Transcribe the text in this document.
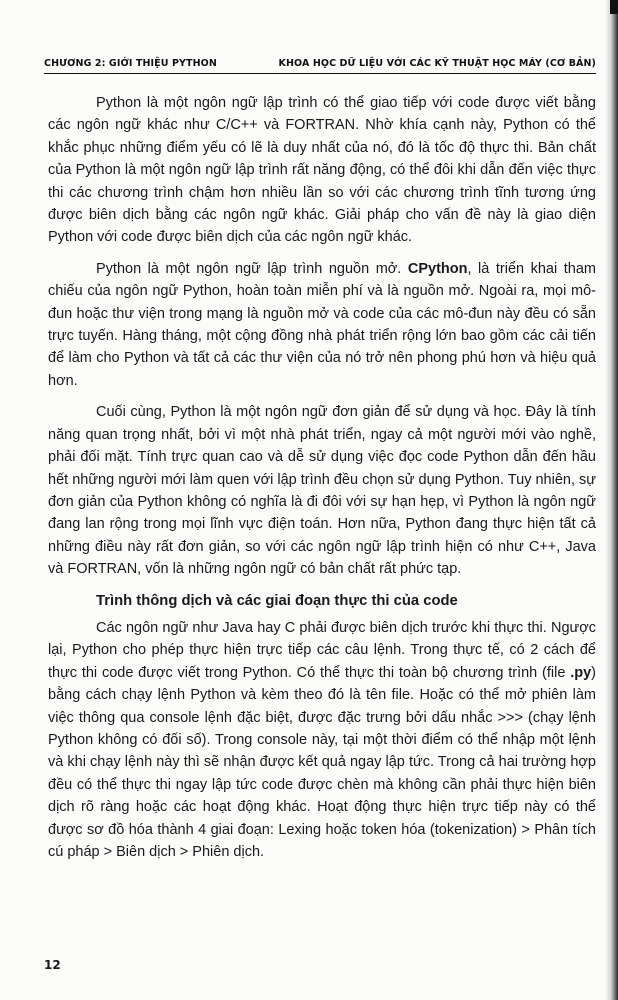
CHƯƠNG 2: GIỚI THIỆU PYTHON	KHOA HỌC DỮ LIỆU VỚI CÁC KỸ THUẬT HỌC MÁY (CƠ BẢN)

Python là một ngôn ngữ lập trình có thể giao tiếp với code được viết bằng các ngôn ngữ khác như C/C++ và FORTRAN. Nhờ khía cạnh này, Python có thể khắc phục những điểm yếu có lẽ là duy nhất của nó, đó là tốc độ thực thi. Bản chất của Python là một ngôn ngữ lập trình rất năng động, có thể đôi khi dẫn đến việc thực thi các chương trình chậm hơn nhiều lần so với các chương trình tĩnh tương ứng được biên dịch bằng các ngôn ngữ khác. Giải pháp cho vấn đề này là giao diện Python với code được biên dịch của các ngôn ngữ khác.

Python là một ngôn ngữ lập trình nguồn mở. CPython, là triển khai tham chiếu của ngôn ngữ Python, hoàn toàn miễn phí và là nguồn mở. Ngoài ra, mọi mô-đun hoặc thư viện trong mạng là nguồn mở và code của các mô-đun này đều có sẵn trực tuyến. Hàng tháng, một cộng đồng nhà phát triển rộng lớn bao gồm các cải tiến để làm cho Python và tất cả các thư viện của nó trở nên phong phú hơn và hiệu quả hơn.

Cuối cùng, Python là một ngôn ngữ đơn giản để sử dụng và học. Đây là tính năng quan trọng nhất, bởi vì một nhà phát triển, ngay cả một người mới vào nghề, phải đối mặt. Tính trực quan cao và dễ sử dụng việc đọc code Python dẫn đến hầu hết những người mới làm quen với lập trình đều chọn sử dụng Python. Tuy nhiên, sự đơn giản của Python không có nghĩa là đi đôi với sự hạn hẹp, vì Python là ngôn ngữ đang lan rộng trong mọi lĩnh vực điện toán. Hơn nữa, Python đang thực hiện tất cả những điều này rất đơn giản, so với các ngôn ngữ lập trình hiện có như C++, Java và FORTRAN, vốn là những ngôn ngữ có bản chất rất phức tạp.

Trình thông dịch và các giai đoạn thực thi của code

Các ngôn ngữ như Java hay C phải được biên dịch trước khi thực thi. Ngược lại, Python cho phép thực hiện trực tiếp các câu lệnh. Trong thực tế, có 2 cách để thực thi code được viết trong Python. Có thể thực thi toàn bộ chương trình (file .py) bằng cách chạy lệnh Python và kèm theo đó là tên file. Hoặc có thể mở phiên làm việc thông qua console lệnh đặc biệt, được đặc trưng bởi dấu nhắc >>> (chạy lệnh Python không có đối số). Trong console này, tại một thời điểm có thể nhập một lệnh và khi chạy lệnh này thì sẽ nhận được kết quả ngay lập tức. Trong cả hai trường hợp đều có thể thực thi ngay lập tức code được chèn mà không cần phải thực hiện biên dịch rõ ràng hoặc các hoạt động khác. Hoạt động thực hiện trực tiếp này có thể được sơ đồ hóa thành 4 giai đoạn: Lexing hoặc token hóa (tokenization) > Phân tích cú pháp > Biên dịch > Phiên dịch.

12
